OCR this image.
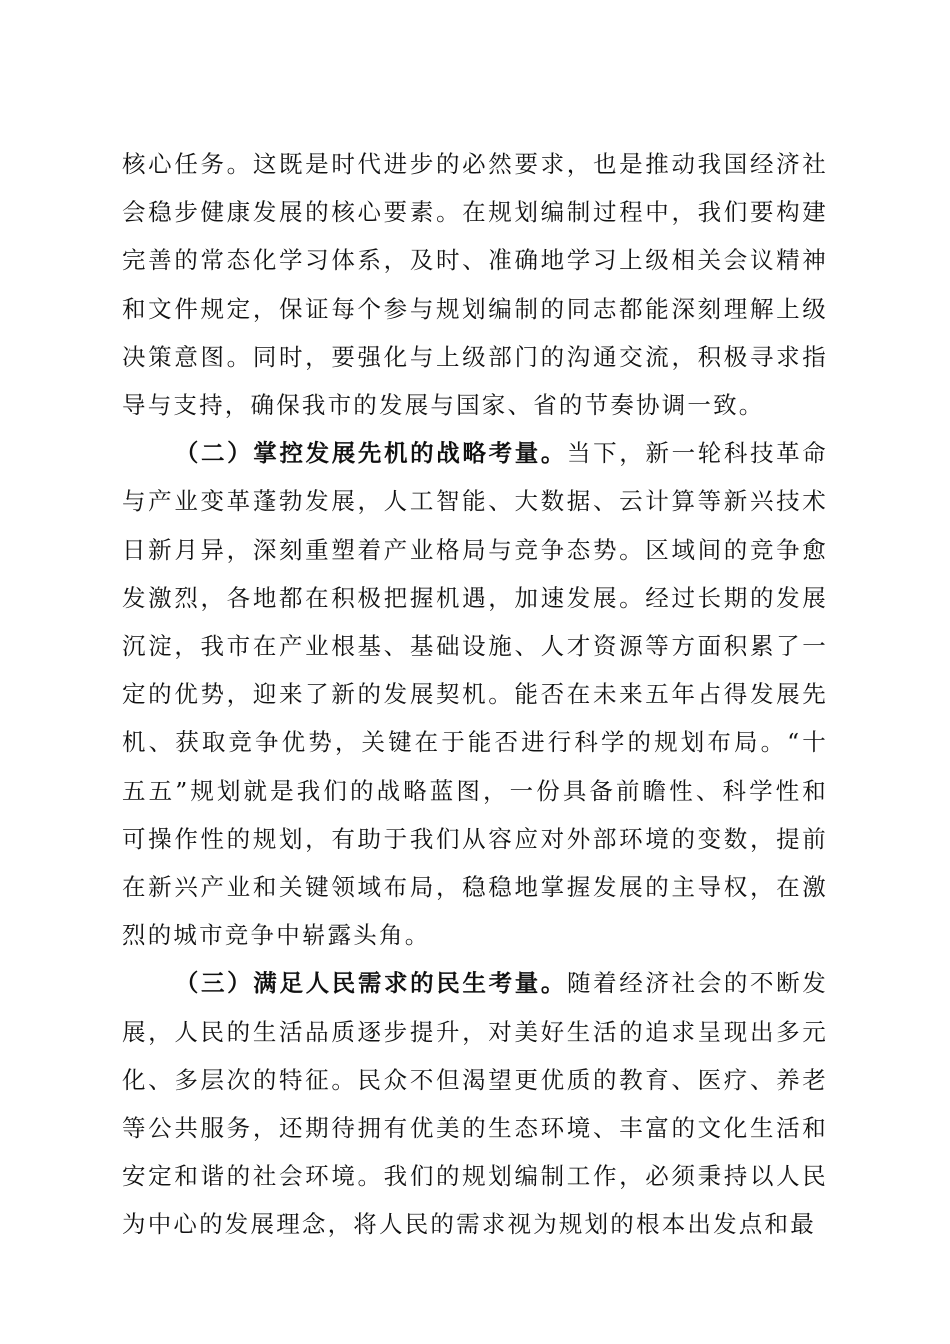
核心任务。这既是时代进步的必然要求，也是推动我国经济社会稳步健康发展的核心要素。在规划编制过程中，我们要构建完善的常态化学习体系，及时、准确地学习上级相关会议精神和文件规定，保证每个参与规划编制的同志都能深刻理解上级决策意图。同时，要强化与上级部门的沟通交流，积极寻求指导与支持，确保我市的发展与国家、省的节奏协调一致。

（二）掌控发展先机的战略考量。当下，新一轮科技革命与产业变革蓬勃发展，人工智能、大数据、云计算等新兴技术日新月异，深刻重塑着产业格局与竞争态势。区域间的竞争愈发激烈，各地都在积极把握机遇，加速发展。经过长期的发展沉淀，我市在产业根基、基础设施、人才资源等方面积累了一定的优势，迎来了新的发展契机。能否在未来五年占得发展先机、获取竞争优势，关键在于能否进行科学的规划布局。“十五五”规划就是我们的战略蓝图，一份具备前瞻性、科学性和可操作性的规划，有助于我们从容应对外部环境的变数，提前在新兴产业和关键领域布局，稳稳地掌握发展的主导权，在激烈的城市竞争中崭露头角。

（三）满足人民需求的民生考量。随着经济社会的不断发展，人民的生活品质逐步提升，对美好生活的追求呈现出多元化、多层次的特征。民众不但渴望更优质的教育、医疗、养老等公共服务，还期待拥有优美的生态环境、丰富的文化生活和安定和谐的社会环境。我们的规划编制工作，必须秉持以人民为中心的发展理念，将人民的需求视为规划的根本出发点和最
